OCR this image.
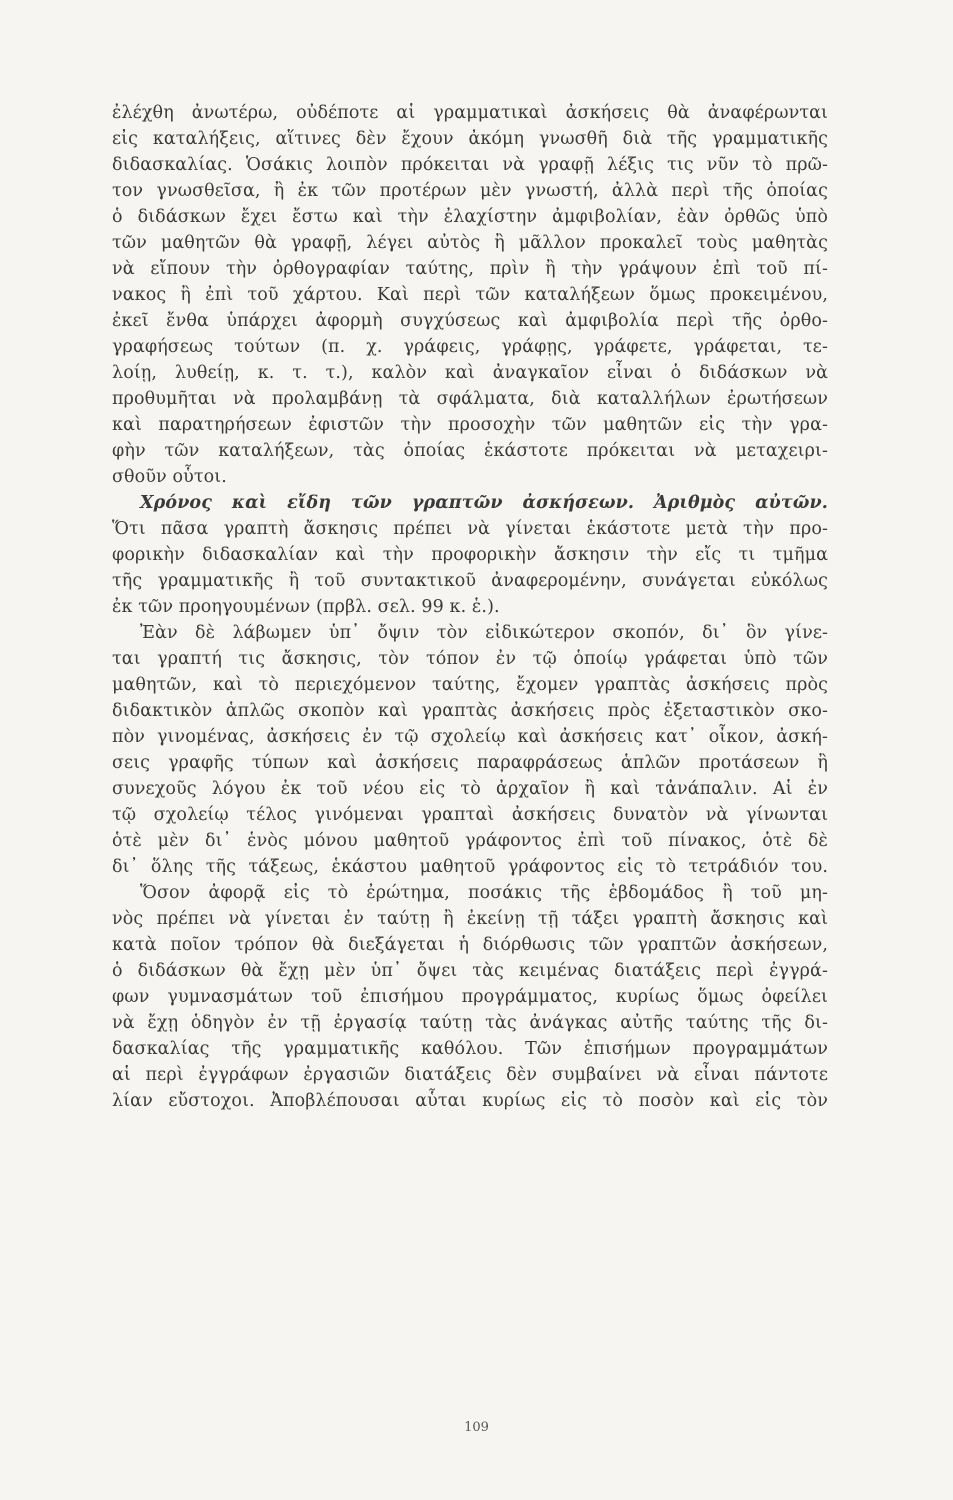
ἐλέχθη ἀνωτέρω, οὐδέποτε αἱ γραμματικαὶ ἀσκήσεις θὰ ἀναφέρωνται
εἰς καταλήξεις, αἵτινες δὲν ἔχουν ἀκόμη γνωσθῆ διὰ τῆς γραμματικῆς
διδασκαλίας. Ὁσάκις λοιπὸν πρόκειται νὰ γραφῇ λέξις τις νῦν τὸ πρῶ-
τον γνωσθεῖσα, ἢ ἐκ τῶν προτέρων μὲν γνωστή, ἀλλὰ περὶ τῆς ὁποίας
ὁ διδάσκων ἔχει ἔστω καὶ τὴν ἐλαχίστην ἀμφιβολίαν, ἐὰν ὀρθῶς ὑπὸ
τῶν μαθητῶν θὰ γραφῇ, λέγει αὐτὸς ἢ μᾶλλον προκαλεῖ τοὺς μαθητὰς
νὰ εἴπουν τὴν ὀρθογραφίαν ταύτης, πρὶν ἢ τὴν γράψουν ἐπὶ τοῦ πί-
νακος ἢ ἐπὶ τοῦ χάρτου. Καὶ περὶ τῶν καταλήξεων ὅμως προκειμένου,
ἐκεῖ ἔνθα ὑπάρχει ἀφορμὴ συγχύσεως καὶ ἀμφιβολία περὶ τῆς ὀρθο-
γραφήσεως τούτων (π. χ. γράφεις, γράφῃς, γράφετε, γράφεται, τε-
λοίῃ, λυθείῃ, κ. τ. τ.), καλὸν καὶ ἀναγκαῖον εἶναι ὁ διδάσκων νὰ
προθυμῆται νὰ προλαμβάνῃ τὰ σφάλματα, διὰ καταλλήλων ἐρωτήσεων
καὶ παρατηρήσεων ἐφιστῶν τὴν προσοχὴν τῶν μαθητῶν εἰς τὴν γρα-
φὴν τῶν καταλήξεων, τὰς ὁποίας ἑκάστοτε πρόκειται νὰ μεταχειρι-
σθοῦν οὗτοι.
Χρόνος καὶ εἴδη τῶν γραπτῶν ἀσκήσεων. Ἀριθμὸς αὐτῶν.
Ὅτι πᾶσα γραπτὴ ἄσκησις πρέπει νὰ γίνεται ἑκάστοτε μετὰ τὴν προ-
φορικὴν διδασκαλίαν καὶ τὴν προφορικὴν ἄσκησιν τὴν εἴς τι τμῆμα
τῆς γραμματικῆς ἢ τοῦ συντακτικοῦ ἀναφερομένην, συνάγεται εὐκόλως
ἐκ τῶν προηγουμένων (πρβλ. σελ. 99 κ. ἑ.).
Ἐὰν δὲ λάβωμεν ὑπ᾿ ὄψιν τὸν εἰδικώτερον σκοπόν, δι᾿ ὃν γίνε-
ται γραπτή τις ἄσκησις, τὸν τόπον ἐν τῷ ὁποίῳ γράφεται ὑπὸ τῶν
μαθητῶν, καὶ τὸ περιεχόμενον ταύτης, ἔχομεν γραπτὰς ἀσκήσεις πρὸς
διδακτικὸν ἁπλῶς σκοπὸν καὶ γραπτὰς ἀσκήσεις πρὸς ἐξεταστικὸν σκο-
πὸν γινομένας, ἀσκήσεις ἐν τῷ σχολείῳ καὶ ἀσκήσεις κατ᾿ οἶκον, ἀσκή-
σεις γραφῆς τύπων καὶ ἀσκήσεις παραφράσεως ἁπλῶν προτάσεων ἢ
συνεχοῦς λόγου ἐκ τοῦ νέου εἰς τὸ ἀρχαῖον ἢ καὶ τἀνάπαλιν. Αἱ ἐν
τῷ σχολείῳ τέλος γινόμεναι γραπταὶ ἀσκήσεις δυνατὸν νὰ γίνωνται
ὁτὲ μὲν δι᾿ ἑνὸς μόνου μαθητοῦ γράφοντος ἐπὶ τοῦ πίνακος, ὁτὲ δὲ
δι᾿ ὅλης τῆς τάξεως, ἑκάστου μαθητοῦ γράφοντος εἰς τὸ τετράδιόν του.
Ὅσον ἀφορᾷ εἰς τὸ ἐρώτημα, ποσάκις τῆς ἑβδομάδος ἢ τοῦ μη-
νὸς πρέπει νὰ γίνεται ἐν ταύτῃ ἢ ἐκείνῃ τῇ τάξει γραπτὴ ἄσκησις καὶ
κατὰ ποῖον τρόπον θὰ διεξάγεται ἡ διόρθωσις τῶν γραπτῶν ἀσκήσεων,
ὁ διδάσκων θὰ ἔχῃ μὲν ὑπ᾿ ὄψει τὰς κειμένας διατάξεις περὶ ἐγγρά-
φων γυμνασμάτων τοῦ ἐπισήμου προγράμματος, κυρίως ὅμως ὀφείλει
νὰ ἔχῃ ὁδηγὸν ἐν τῇ ἐργασίᾳ ταύτῃ τὰς ἀνάγκας αὐτῆς ταύτης τῆς δι-
δασκαλίας τῆς γραμματικῆς καθόλου. Τῶν ἐπισήμων προγραμμάτων
αἱ περὶ ἐγγράφων ἐργασιῶν διατάξεις δὲν συμβαίνει νὰ εἶναι πάντοτε
λίαν εὔστοχοι. Ἀποβλέπουσαι αὗται κυρίως εἰς τὸ ποσὸν καὶ εἰς τὸν
109
